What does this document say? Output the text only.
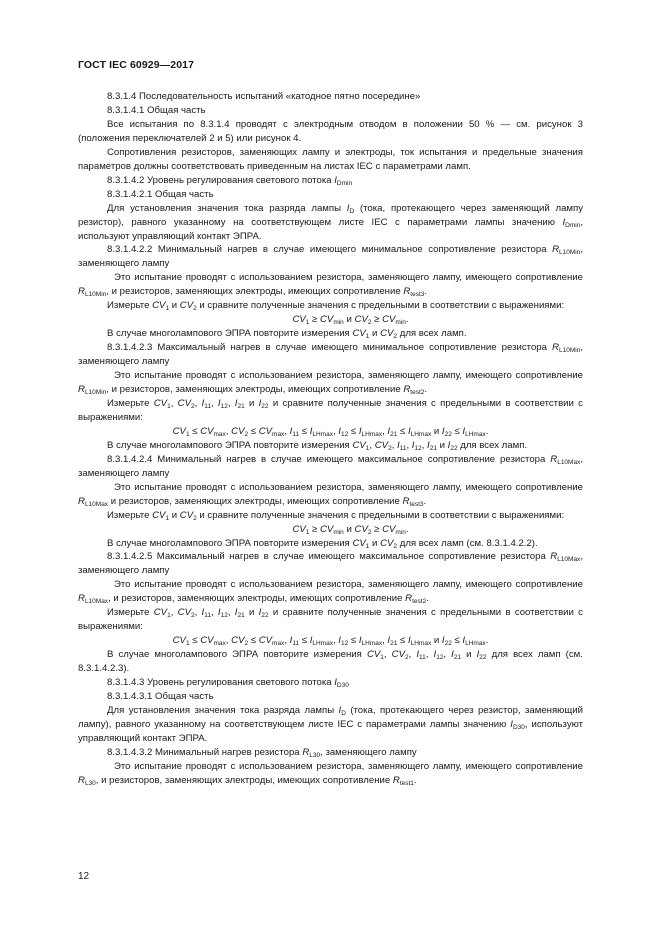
ГОСТ IEC 60929—2017

8.3.1.4 Последовательность испытаний «катодное пятно посередине»

8.3.1.4.1 Общая часть

Все испытания по 8.3.1.4 проводят с электродным отводом в положении 50 % — см. рисунок 3 (положения переключателей 2 и 5) или рисунок 4.

Сопротивления резисторов, заменяющих лампу и электроды, ток испытания и предельные значения параметров должны соответствовать приведенным на листах IEC с параметрами ламп.

8.3.1.4.2 Уровень регулирования светового потока $I_{Dmin}$

8.3.1.4.2.1 Общая часть

Для установления значения тока разряда лампы $I_D$ (тока, протекающего через заменяющий лампу резистор), равного указанному на соответствующем листе IEC с параметрами лампы значению $I_{Dmin}$, используют управляющий контакт ЭПРА.

8.3.1.4.2.2 Минимальный нагрев в случае имеющего минимальное сопротивление резистора $R_{L10Min}$, заменяющего лампу

Это испытание проводят с использованием резистора, заменяющего лампу, имеющего сопротивление $R_{L10Min}$, и резисторов, заменяющих электроды, имеющих сопротивление $R_{test3}$.

Измерьте $CV_1$ и $CV_2$ и сравните полученные значения с предельными в соответствии с выражениями:

$CV_1 \ge CV_{min}$ и $CV_2 \ge CV_{min}$.

В случае многолампового ЭПРА повторите измерения $CV_1$ и $CV_2$ для всех ламп.

8.3.1.4.2.3 Максимальный нагрев в случае имеющего минимальное сопротивление резистора $R_{L10Min}$, заменяющего лампу

Это испытание проводят с использованием резистора, заменяющего лампу, имеющего сопротивление $R_{L10Min}$, и резисторов, заменяющих электроды, имеющих сопротивление $R_{test2}$.

Измерьте $CV_1$, $CV_2$, $I_{11}$, $I_{12}$, $I_{21}$ и $I_{22}$ и сравните полученные значения с предельными в соответствии с выражениями:

$CV_1 \le CV_{max}$, $CV_2 \le CV_{max}$, $I_{11} \le I_{LHmax}$, $I_{12} \le I_{LHmax}$, $I_{21} \le I_{LHmax}$ и $I_{22} \le I_{LHmax}$.

В случае многолампового ЭПРА повторите измерения $CV_1$, $CV_2$, $I_{11}$, $I_{12}$, $I_{21}$ и $I_{22}$ для всех ламп.

8.3.1.4.2.4 Минимальный нагрев в случае имеющего максимальное сопротивление резистора $R_{L10Max}$, заменяющего лампу

Это испытание проводят с использованием резистора, заменяющего лампу, имеющего сопротивление $R_{L10Max}$ и резисторов, заменяющих электроды, имеющих сопротивление $R_{test3}$.

Измерьте $CV_1$ и $CV_2$ и сравните полученные значения с предельными в соответствии с выражениями:

$CV_1 \ge CV_{min}$ и $CV_2 \ge CV_{min}$.

В случае многолампового ЭПРА повторите измерения $CV_1$ и $CV_2$ для всех ламп (см. 8.3.1.4.2.2).

8.3.1.4.2.5 Максимальный нагрев в случае имеющего максимальное сопротивление резистора $R_{L10Max}$, заменяющего лампу

Это испытание проводят с использованием резистора, заменяющего лампу, имеющего сопротивление $R_{L10Max}$, и резисторов, заменяющих электроды, имеющих сопротивление $R_{test2}$.

Измерьте $CV_1$, $CV_2$, $I_{11}$, $I_{12}$, $I_{21}$ и $I_{22}$ и сравните полученные значения с предельными в соответствии с выражениями:

$CV_1 \le CV_{max}$, $CV_2 \le CV_{max}$, $I_{11} \le I_{LHmax}$, $I_{12} \le I_{LHmax}$, $I_{21} \le I_{LHmax}$ и $I_{22} \le I_{LHmax}$.

В случае многолампового ЭПРА повторите измерения $CV_1$, $CV_2$, $I_{11}$, $I_{12}$, $I_{21}$ и $I_{22}$ для всех ламп (см. 8.3.1.4.2.3).

8.3.1.4.3 Уровень регулирования светового потока $I_{D30}$

8.3.1.4.3.1 Общая часть

Для установления значения тока разряда лампы $I_D$ (тока, протекающего через резистор, заменяющий лампу), равного указанному на соответствующем листе IEC с параметрами лампы значению $I_{D30}$, используют управляющий контакт ЭПРА.

8.3.1.4.3.2 Минимальный нагрев резистора $R_{L30}$, заменяющего лампу

Это испытание проводят с использованием резистора, заменяющего лампу, имеющего сопротивление $R_{L30}$, и резисторов, заменяющих электроды, имеющих сопротивление $R_{test1}$.

12
